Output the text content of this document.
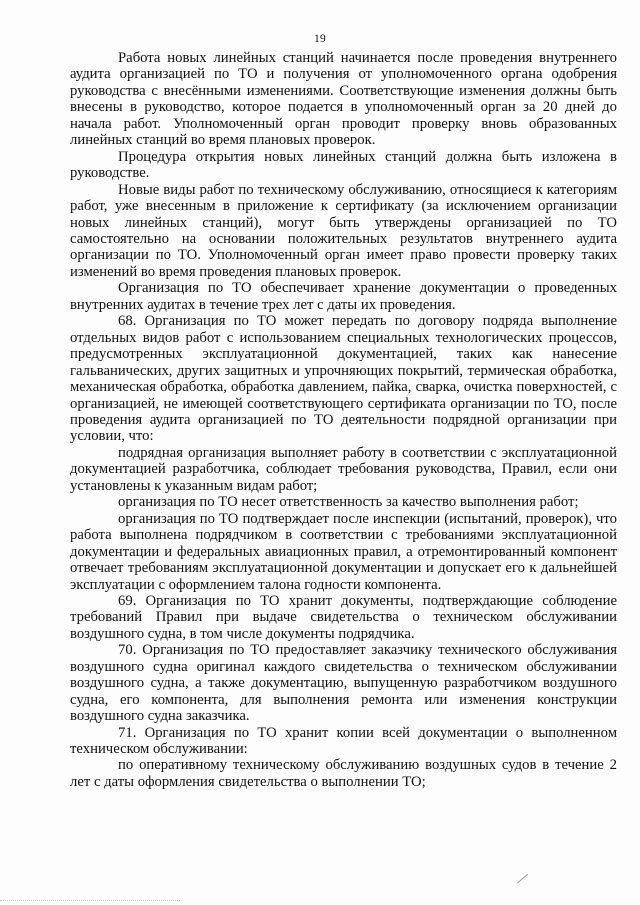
19

Работа новых линейных станций начинается после проведения внутреннего аудита организацией по ТО и получения от уполномоченного органа одобрения руководства с внесёнными изменениями. Соответствующие изменения должны быть внесены в руководство, которое подается в уполномоченный орган за 20 дней до начала работ. Уполномоченный орган проводит проверку вновь образованных линейных станций во время плановых проверок.

Процедура открытия новых линейных станций должна быть изложена в руководстве.

Новые виды работ по техническому обслуживанию, относящиеся к категориям работ, уже внесенным в приложение к сертификату (за исключением организации новых линейных станций), могут быть утверждены организацией по ТО самостоятельно на основании положительных результатов внутреннего аудита организации по ТО. Уполномоченный орган имеет право провести проверку таких изменений во время проведения плановых проверок.

Организация по ТО обеспечивает хранение документации о проведенных внутренних аудитах в течение трех лет с даты их проведения.

68. Организация по ТО может передать по договору подряда выполнение отдельных видов работ с использованием специальных технологических процессов, предусмотренных эксплуатационной документацией, таких как нанесение гальванических, других защитных и упрочняющих покрытий, термическая обработка, механическая обработка, обработка давлением, пайка, сварка, очистка поверхностей, с организацией, не имеющей соответствующего сертификата организации по ТО, после проведения аудита организацией по ТО деятельности подрядной организации при условии, что:

подрядная организация выполняет работу в соответствии с эксплуатационной документацией разработчика, соблюдает требования руководства, Правил, если они установлены к указанным видам работ;

организация по ТО несет ответственность за качество выполнения работ;

организация по ТО подтверждает после инспекции (испытаний, проверок), что работа выполнена подрядчиком в соответствии с требованиями эксплуатационной документации и федеральных авиационных правил, а отремонтированный компонент отвечает требованиям эксплуатационной документации и допускает его к дальнейшей эксплуатации с оформлением талона годности компонента.

69. Организация по ТО хранит документы, подтверждающие соблюдение требований Правил при выдаче свидетельства о техническом обслуживании воздушного судна, в том числе документы подрядчика.

70. Организация по ТО предоставляет заказчику технического обслуживания воздушного судна оригинал каждого свидетельства о техническом обслуживании воздушного судна, а также документацию, выпущенную разработчиком воздушного судна, его компонента, для выполнения ремонта или изменения конструкции воздушного судна заказчика.

71. Организация по ТО хранит копии всей документации о выполненном техническом обслуживании:

по оперативному техническому обслуживанию воздушных судов в течение 2 лет с даты оформления свидетельства о выполнении ТО;
